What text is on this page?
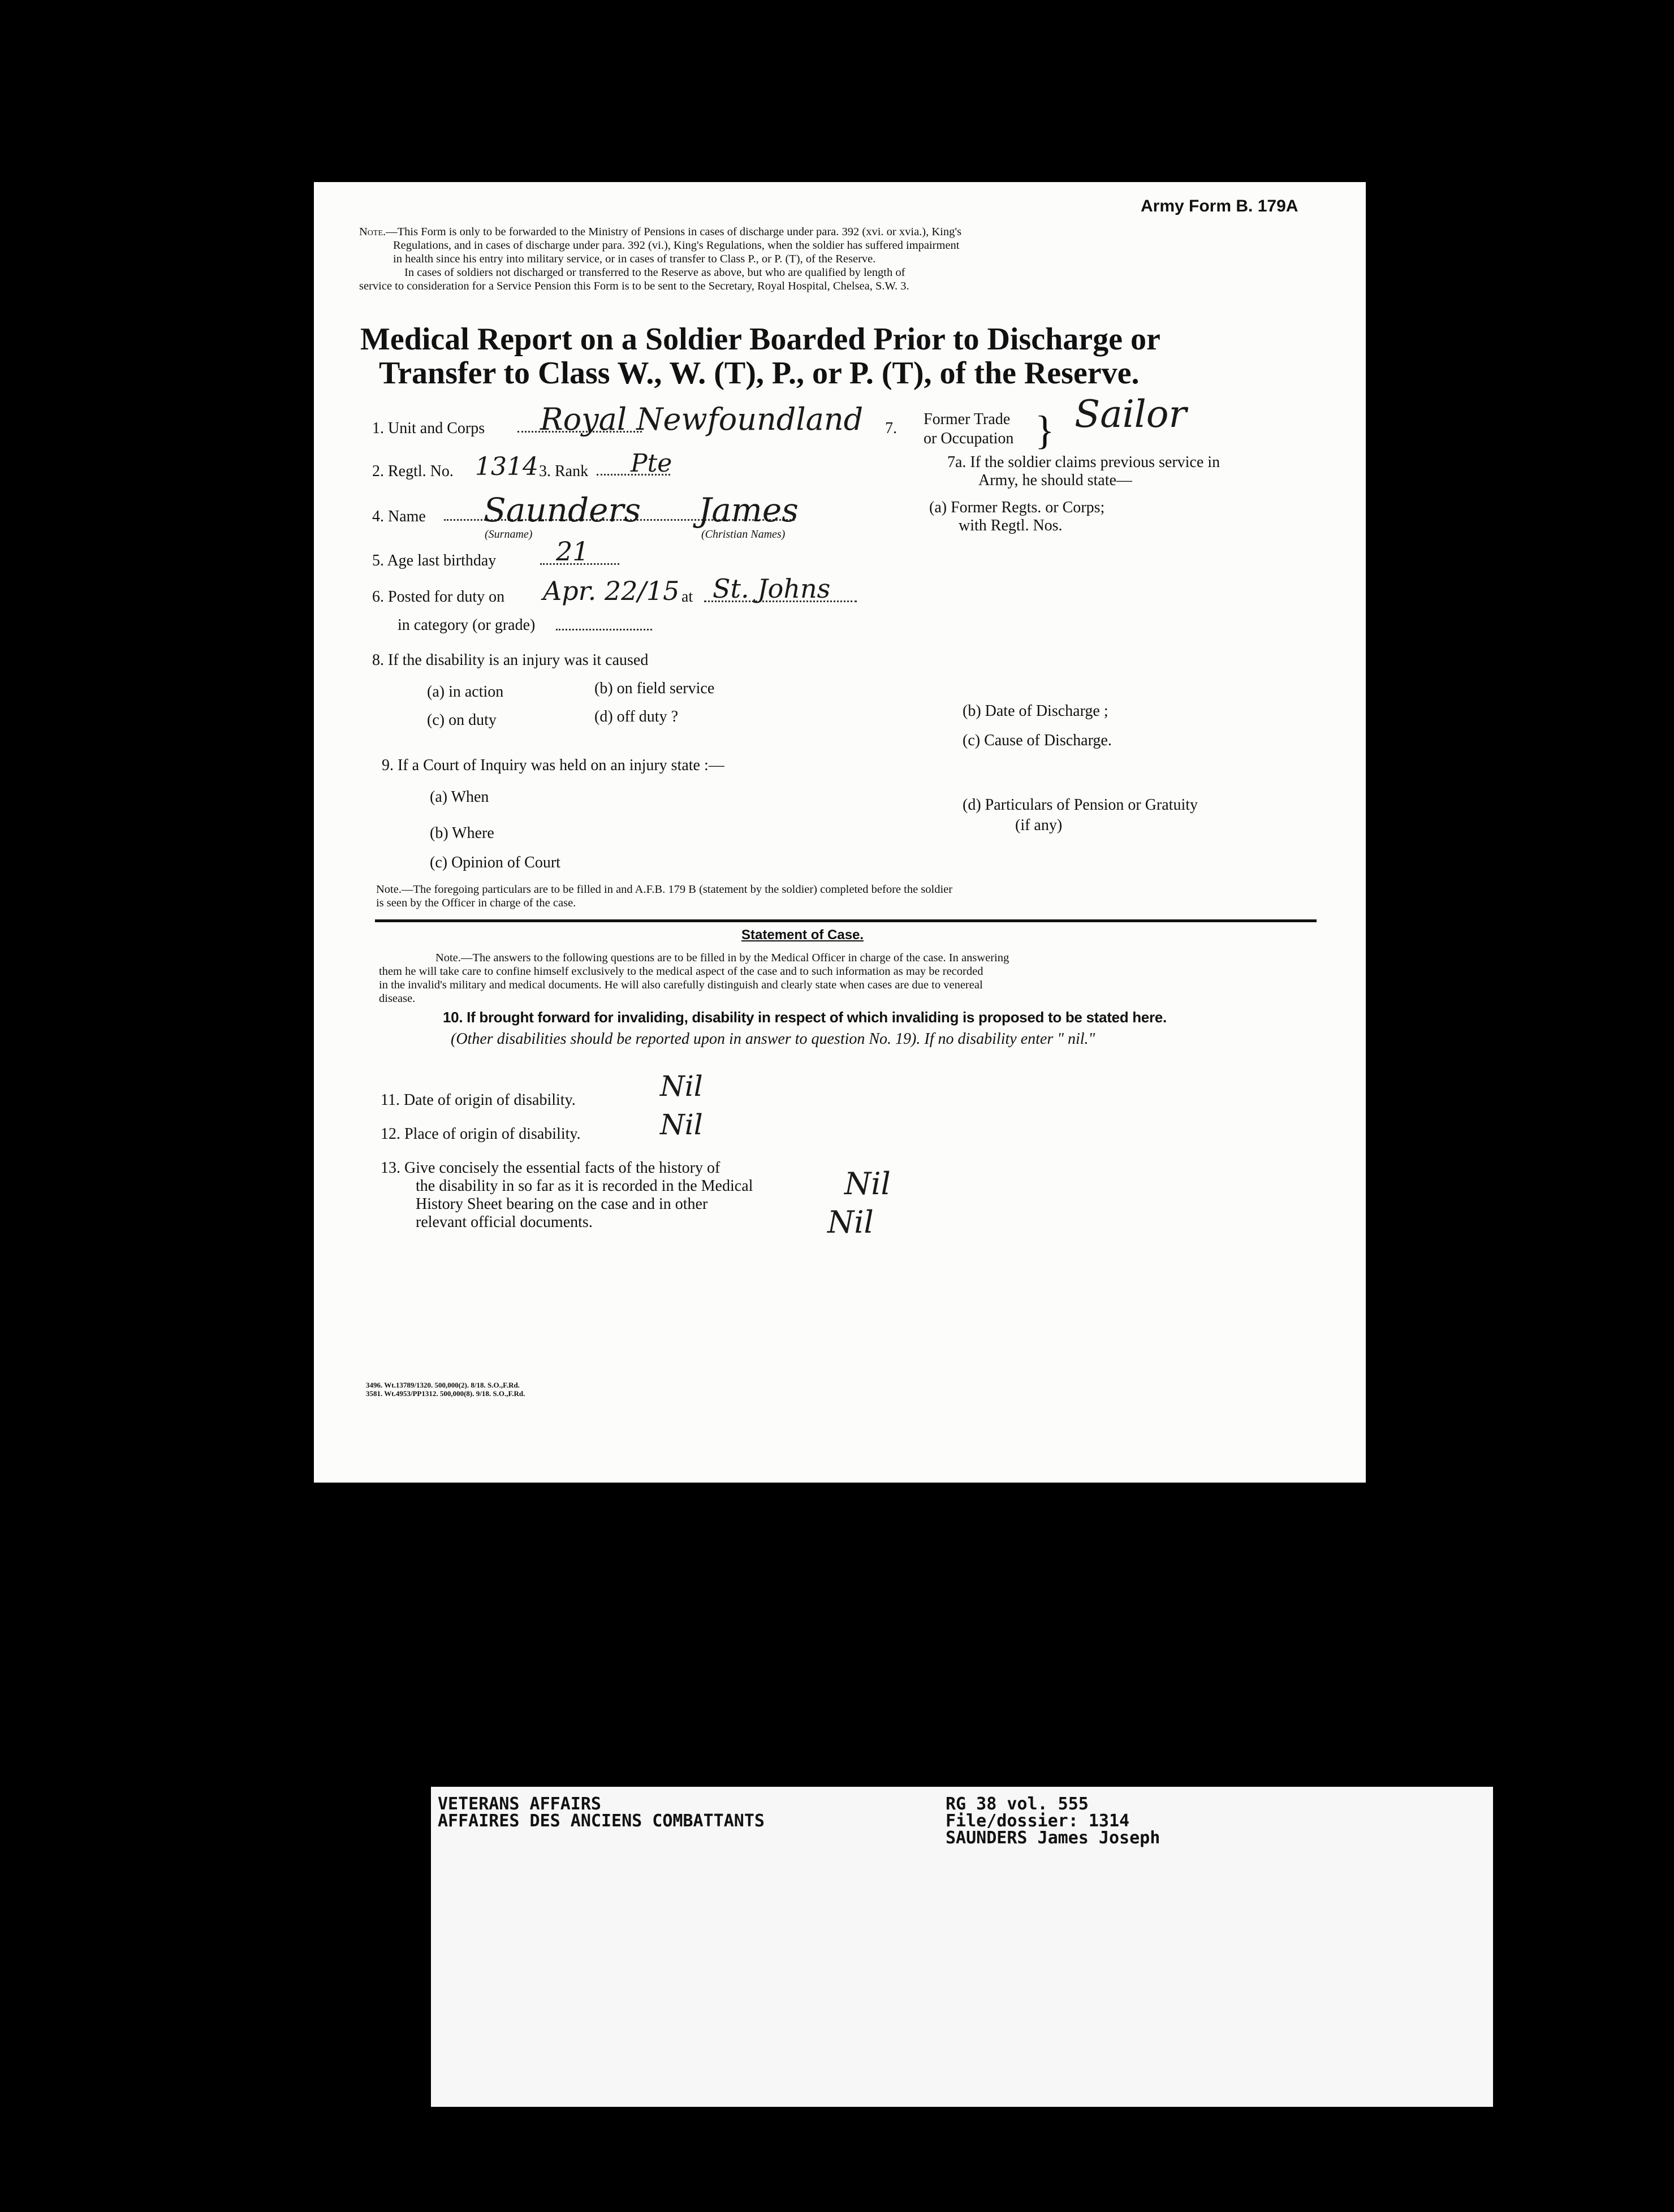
Army Form B. 179A
Note.—This Form is only to be forwarded to the Ministry of Pensions in cases of discharge under para. 392 (xvi. or xvia.), King's
Regulations, and in cases of discharge under para. 392 (vi.), King's Regulations, when the soldier has suffered impairment
in health since his entry into military service, or in cases of transfer to Class P., or P. (T), of the Reserve.
In cases of soldiers not discharged or transferred to the Reserve as above, but who are qualified by length of
service to consideration for a Service Pension this Form is to be sent to the Secretary, Royal Hospital, Chelsea, S.W. 3.
Medical Report on a Soldier Boarded Prior to Discharge or
Transfer to Class W., W. (T), P., or P. (T), of the Reserve.
1. Unit and Corps Royal Newfoundland 7.
Former Trade
or Occupation } Sailor
2. Regtl. No. 1314 3. Rank Pte	7a. If the soldier claims previous service in
Army, he should state—
(a) Former Regts. or Corps;
with Regtl. Nos.
4. Name Saunders James
(Surname)	(Christian Names)
5. Age last birthday 21
6. Posted for duty on Apr. 22/15 at St. Johns
in category (or grade)
8. If the disability is an injury was it caused
(a) in action	(b) on field service
(c) on duty	(d) off duty ?	(b) Date of Discharge ;
(c) Cause of Discharge.
9. If a Court of Inquiry was held on an injury state :—
(a) When
(b) Where
(c) Opinion of Court
(d) Particulars of Pension or Gratuity
(if any)
Note.—The foregoing particulars are to be filled in and A.F.B. 179 B (statement by the soldier) completed before the soldier
is seen by the Officer in charge of the case.
Statement of Case.
Note.—The answers to the following questions are to be filled in by the Medical Officer in charge of the case. In answering
them he will take care to confine himself exclusively to the medical aspect of the case and to such information as may be recorded
in the invalid's military and medical documents. He will also carefully distinguish and clearly state when cases are due to venereal
disease.
10. If brought forward for invaliding, disability in respect of which invaliding is proposed to be stated here.
(Other disabilities should be reported upon in answer to question No. 19). If no disability enter " nil."
11. Date of origin of disability.	Nil
12. Place of origin of disability.	Nil
13. Give concisely the essential facts of the history of
the disability in so far as it is recorded in the Medical
History Sheet bearing on the case and in other
relevant official documents.
Nil
Nil
3496. Wt.13789/1320. 500,000(2). 8/18. S.O.,F.Rd.
3581. Wt.4953/PP1312. 500,000(8). 9/18. S.O.,F.Rd.
VETERANS AFFAIRS
AFFAIRES DES ANCIENS COMBATTANTS
RG 38 vol. 555
File/dossier: 1314
SAUNDERS James Joseph
